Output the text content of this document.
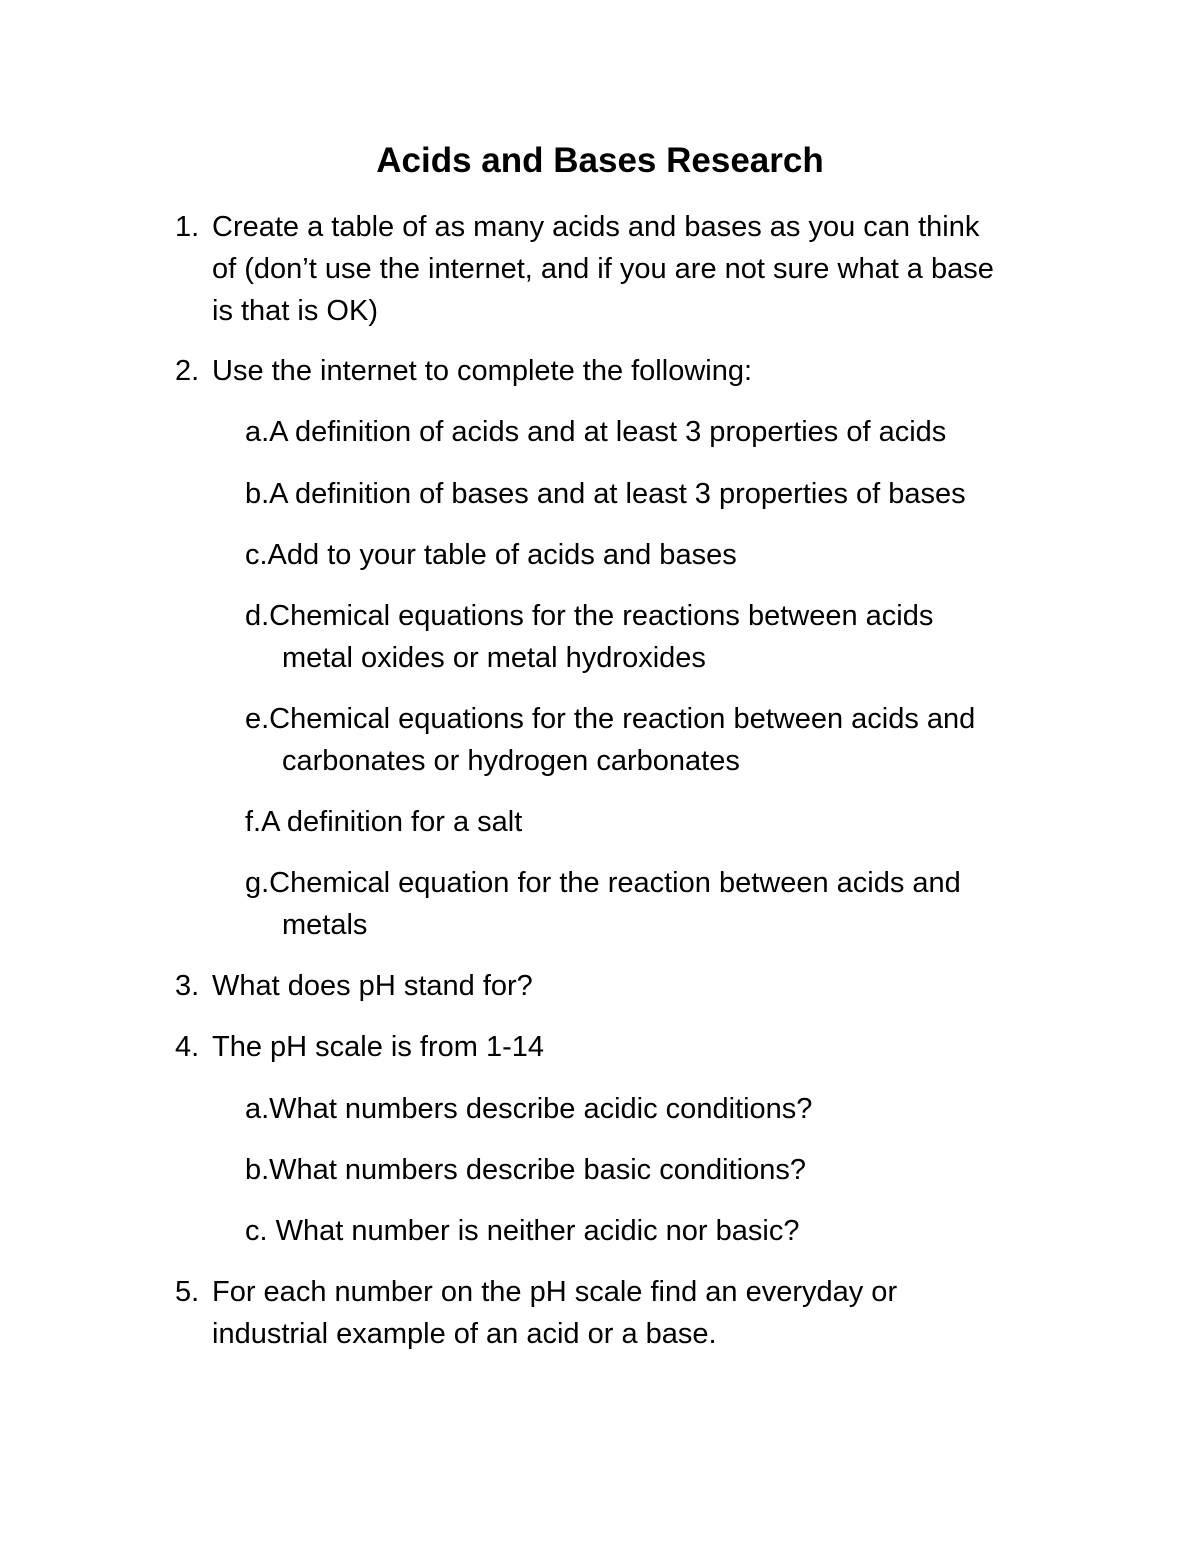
Acids and Bases Research
1. Create a table of as many acids and bases as you can think
of (don’t use the internet, and if you are not sure what a base
is that is OK)
2. Use the internet to complete the following:
a.A definition of acids and at least 3 properties of acids
b.A definition of bases and at least 3 properties of bases
c.Add to your table of acids and bases
d.Chemical equations for the reactions between acids
metal oxides or metal hydroxides
e.Chemical equations for the reaction between acids and
carbonates or hydrogen carbonates
f.A definition for a salt
g.Chemical equation for the reaction between acids and
metals
3. What does pH stand for?
4. The pH scale is from 1-14
a.What numbers describe acidic conditions?
b.What numbers describe basic conditions?
c. What number is neither acidic nor basic?
5. For each number on the pH scale find an everyday or
industrial example of an acid or a base.
